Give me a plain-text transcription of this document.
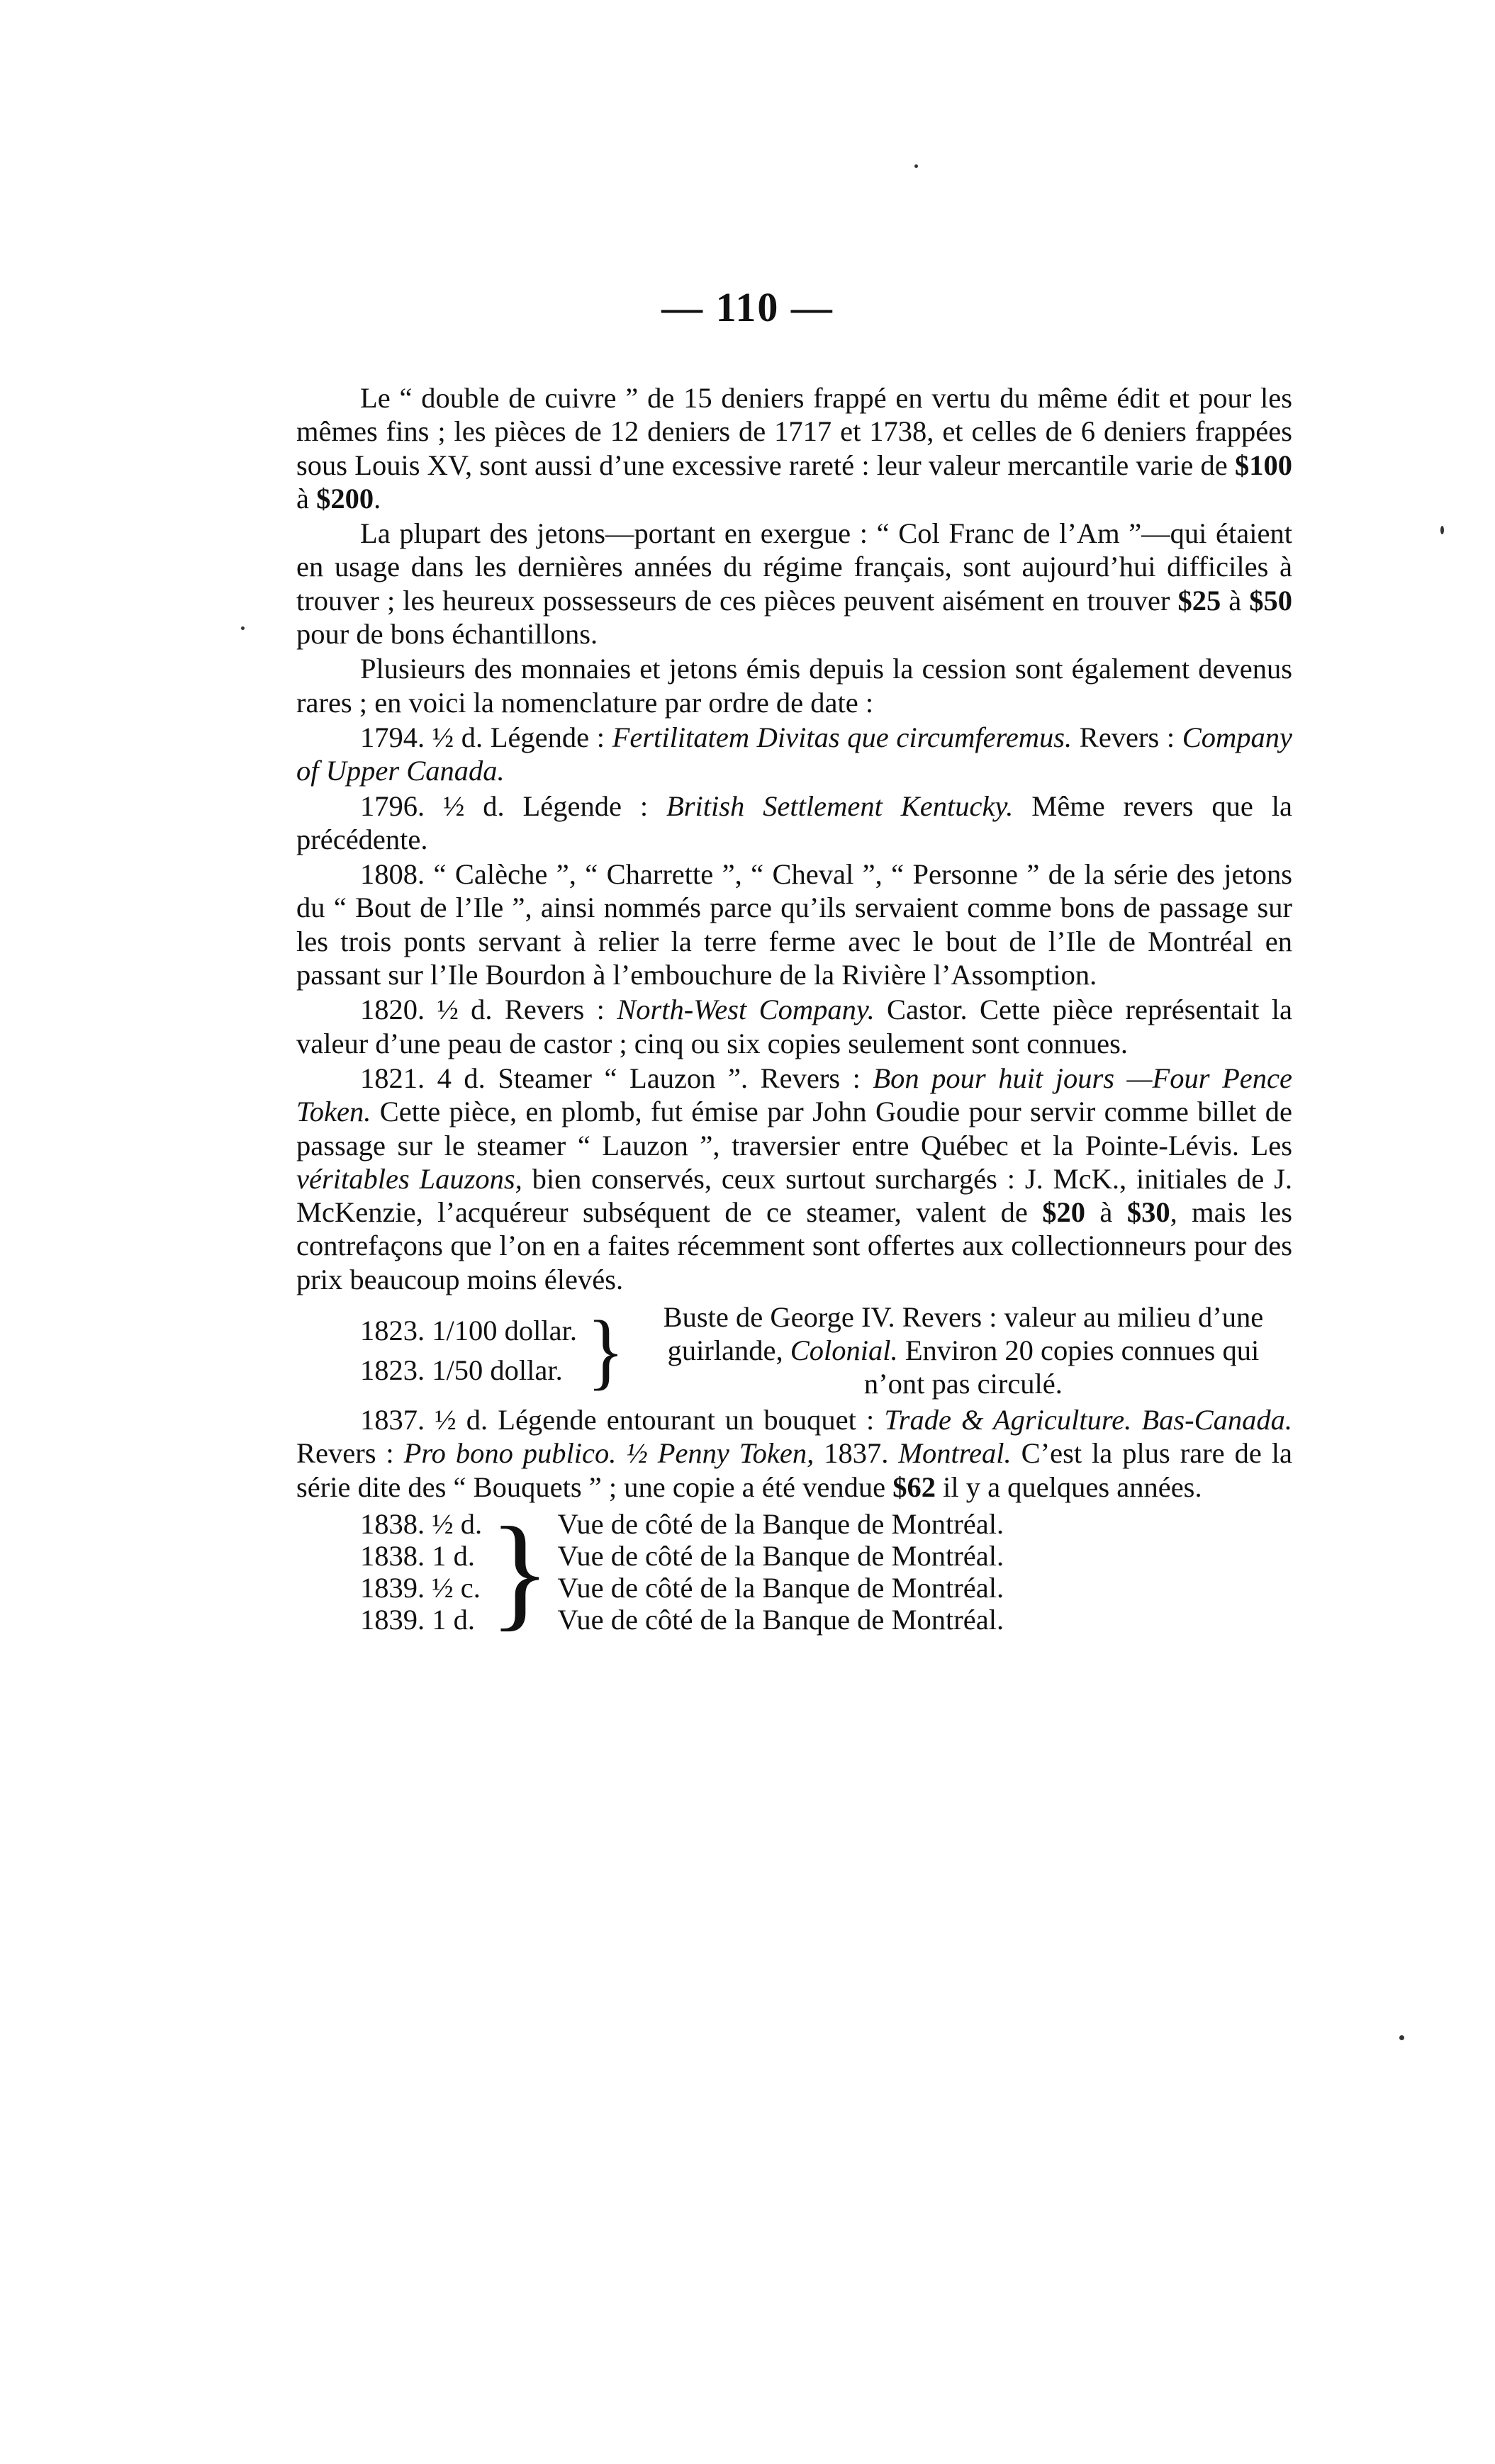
— 110 —

Le “ double de cuivre ” de 15 deniers frappé en vertu du même édit et pour les mêmes fins ; les pièces de 12 deniers de 1717 et 1738, et celles de 6 deniers frappées sous Louis XV, sont aussi d’une excessive rareté : leur valeur mercantile varie de $100 à $200.

La plupart des jetons—portant en exergue : “ Col Franc de l’Am ”—qui étaient en usage dans les dernières années du régime français, sont aujourd’hui difficiles à trouver ; les heureux possesseurs de ces pièces peuvent aisément en trouver $25 à $50 pour de bons échantillons.

Plusieurs des monnaies et jetons émis depuis la cession sont également devenus rares ; en voici la nomenclature par ordre de date :

1794. ½ d. Légende : Fertilitatem Divitas que circumferemus. Revers : Company of Upper Canada.

1796. ½ d. Légende : British Settlement Kentucky. Même revers que la précédente.

1808. “ Calèche ”, “ Charrette ”, “ Cheval ”, “ Personne ” de la série des jetons du “ Bout de l’Ile ”, ainsi nommés parce qu’ils servaient comme bons de passage sur les trois ponts servant à relier la terre ferme avec le bout de l’Ile de Montréal en passant sur l’Ile Bourdon à l’embouchure de la Rivière l’Assomption.

1820. ½ d. Revers : North-West Company. Castor. Cette pièce représentait la valeur d’une peau de castor ; cinq ou six copies seulement sont connues.

1821. 4 d. Steamer “ Lauzon ”. Revers : Bon pour huit jours —Four Pence Token. Cette pièce, en plomb, fut émise par John Goudie pour servir comme billet de passage sur le steamer “ Lauzon ”, traversier entre Québec et la Pointe-Lévis. Les véritables Lauzons, bien conservés, ceux surtout surchargés : J. McK., initiales de J. McKenzie, l’acquéreur subséquent de ce steamer, valent de $20 à $30, mais les contrefaçons que l’on en a faites récemment sont offertes aux collectionneurs pour des prix beaucoup moins élevés.

1823. 1/100 dollar.
1823. 1/50 dollar. }	Buste de George IV. Revers : valeur au milieu d’une guirlande, Colonial. Environ 20 copies connues qui n’ont pas circulé.

1837. ½ d. Légende entourant un bouquet : Trade & Agriculture. Bas-Canada. Revers : Pro bono publico. ½ Penny Token, 1837. Montreal. C’est la plus rare de la série dite des “ Bouquets ” ; une copie a été vendue $62 il y a quelques années.

1838. ½ d.
1838. 1 d.
1839. ½ c.
1839. 1 d. } Vue de côté de la Banque de Montréal.
Vue de côté de la Banque de Montréal.
Vue de côté de la Banque de Montréal.
Vue de côté de la Banque de Montréal.
